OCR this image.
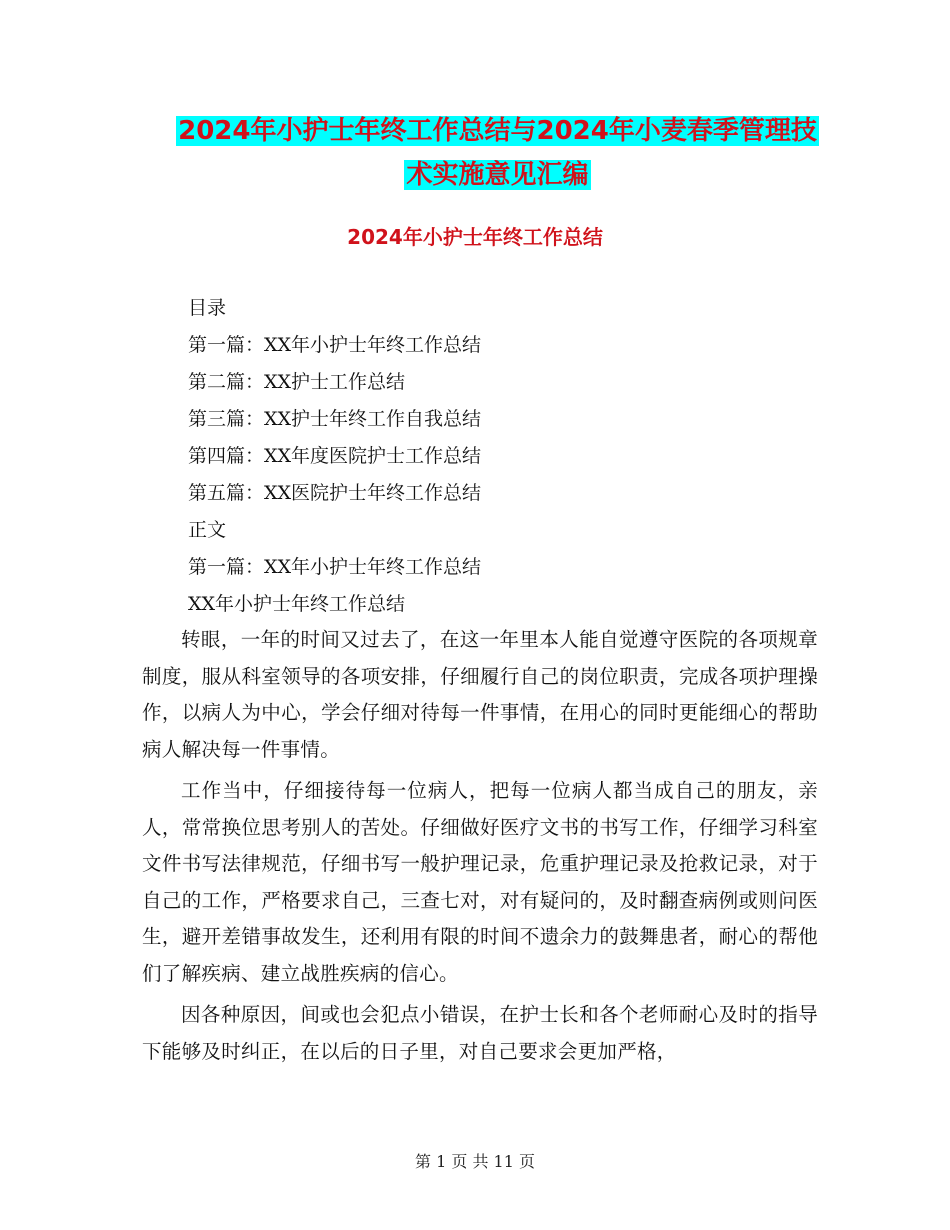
2024年小护士年终工作总结与2024年小麦春季管理技
术实施意见汇编
2024年小护士年终工作总结
目录
第一篇：XX年小护士年终工作总结
第二篇：XX护士工作总结
第三篇：XX护士年终工作自我总结
第四篇：XX年度医院护士工作总结
第五篇：XX医院护士年终工作总结
正文
第一篇：XX年小护士年终工作总结
XX年小护士年终工作总结

转眼，一年的时间又过去了，在这一年里本人能自觉遵守医院的各项规章制度，服从科室领导的各项安排，仔细履行自己的岗位职责，完成各项护理操作，以病人为中心，学会仔细对待每一件事情，在用心的同时更能细心的帮助病人解决每一件事情。

工作当中，仔细接待每一位病人，把每一位病人都当成自己的朋友，亲人，常常换位思考别人的苦处。仔细做好医疗文书的书写工作，仔细学习科室文件书写法律规范，仔细书写一般护理记录，危重护理记录及抢救记录，对于自己的工作，严格要求自己，三查七对，对有疑问的，及时翻查病例或则问医生，避开差错事故发生，还利用有限的时间不遗余力的鼓舞患者，耐心的帮他们了解疾病、建立战胜疾病的信心。

因各种原因，间或也会犯点小错误，在护士长和各个老师耐心及时的指导下能够及时纠正，在以后的日子里，对自己要求会更加严格，

第 1 页 共 11 页
